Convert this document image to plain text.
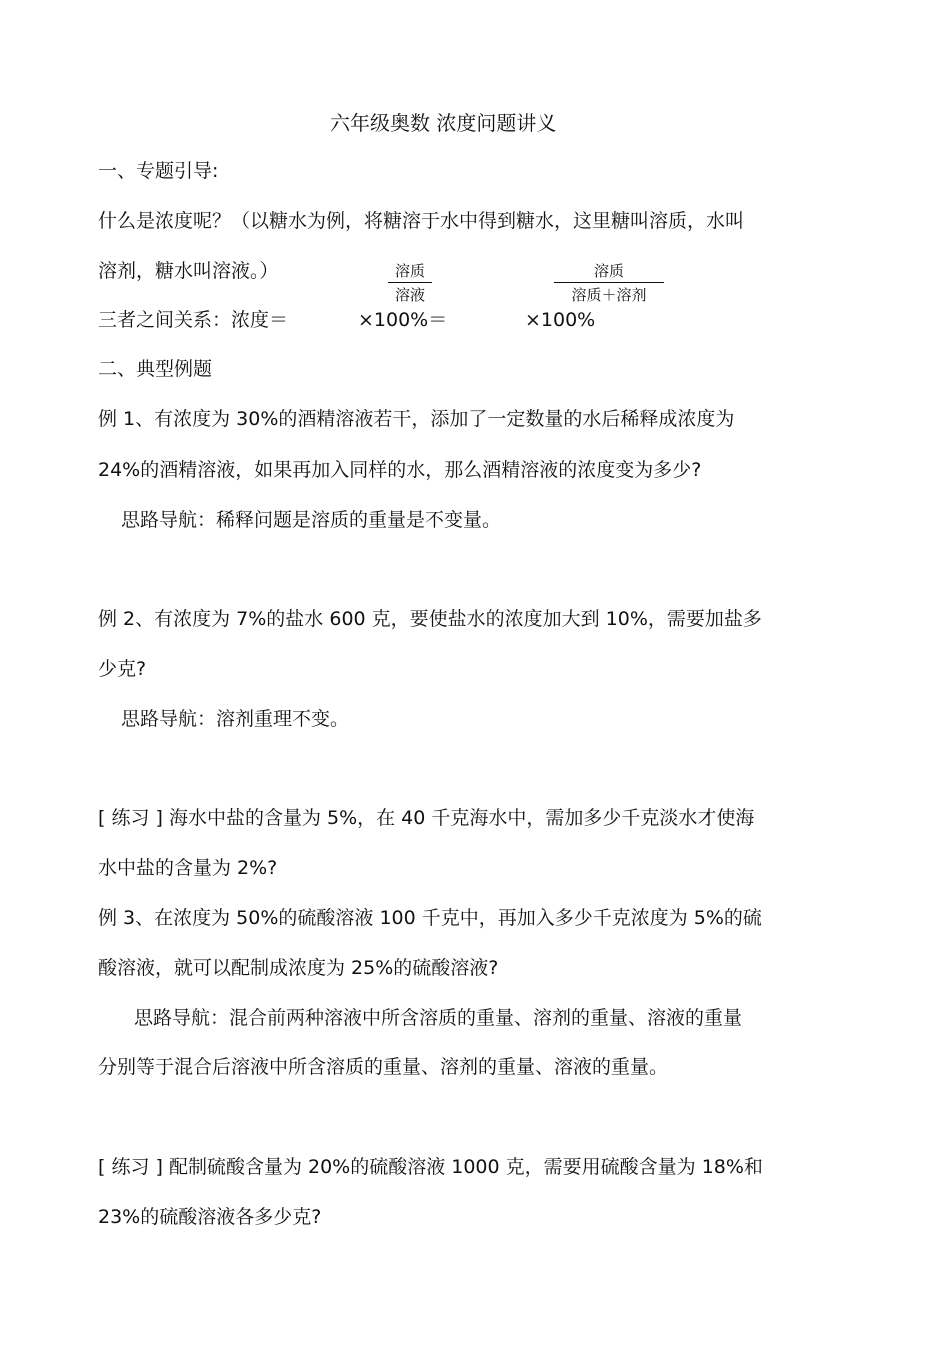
六年级奥数 浓度问题讲义

一、专题引导:

什么是浓度呢？（以糖水为例，将糖溶于水中得到糖水，这里糖叫溶质，水叫

溶剂，糖水叫溶液。）	溶质
溶液
溶质
溶质＋溶剂

三者之间关系：浓度＝	×100%＝	×100%

二、典型例题

例 1、有浓度为 30%的酒精溶液若干，添加了一定数量的水后稀释成浓度为

24%的酒精溶液，如果再加入同样的水，那么酒精溶液的浓度变为多少?

思路导航：稀释问题是溶质的重量是不变量。

例 2、有浓度为 7%的盐水 600 克，要使盐水的浓度加大到 10%，需要加盐多

少克?

思路导航：溶剂重理不变。

[ 练习 ] 海水中盐的含量为 5%，在 40 千克海水中，需加多少千克淡水才使海

水中盐的含量为 2%?

例 3、在浓度为 50%的硫酸溶液 100 千克中，再加入多少千克浓度为 5%的硫

酸溶液，就可以配制成浓度为 25%的硫酸溶液?

思路导航：混合前两种溶液中所含溶质的重量、溶剂的重量、溶液的重量

分别等于混合后溶液中所含溶质的重量、溶剂的重量、溶液的重量。

[ 练习 ] 配制硫酸含量为 20%的硫酸溶液 1000 克，需要用硫酸含量为 18%和

23%的硫酸溶液各多少克?
